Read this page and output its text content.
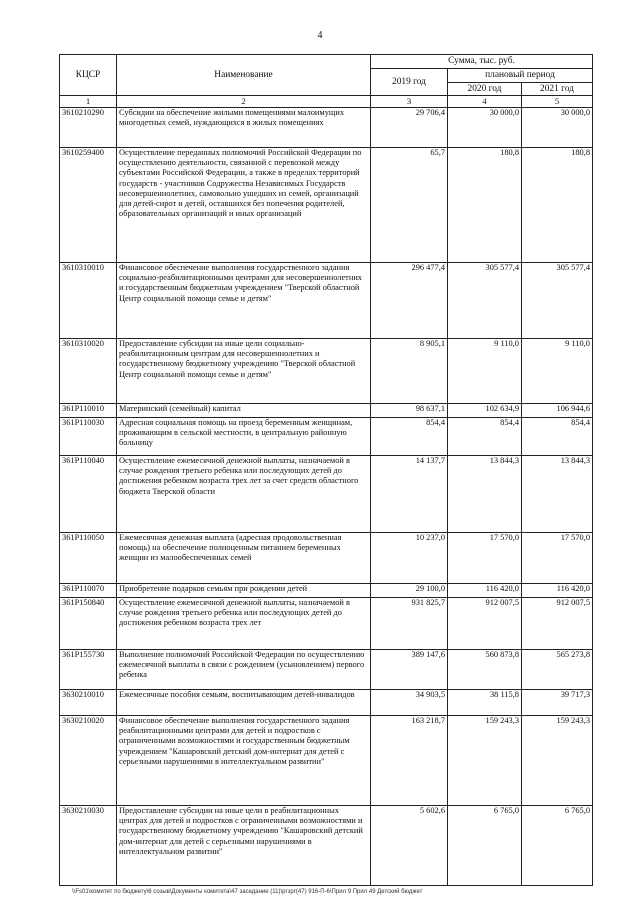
4
КЦСР	Наименование	Сумма, тыс. руб.		
		2019 год	плановый период	
			2020 год	2021 год
1	2	3	4	5
3610210290	Субсидии на обеспечение жилыми помещениями малоимущих многодетных семей, нуждающихся в жилых помещениях	29 706,4	30 000,0	30 000,0
3610259400	Осуществление переданных полномочий Российской Федерации по осуществлению деятельности, связанной с перевозкой между субъектами Российской Федерации, а также в пределах территорий государств - участников Содружества Независимых Государств несовершеннолетних, самовольно ушедших из семей, организаций для детей-сирот и детей, оставшихся без попечения родителей, образовательных организаций и иных организаций	65,7	180,8	180,8
3610310010	Финансовое обеспечение выполнения государственного задания социально-реабилитационными центрами для несовершеннолетних и государственным бюджетным учреждением "Тверской областной Центр социальной помощи семье и детям"	296 477,4	305 577,4	305 577,4
3610310020	Предоставление субсидии на иные цели социально-реабилитационным центрам для несовершеннолетних и государственному бюджетному учреждению "Тверской областной Центр социальной помощи семье и детям"	8 905,1	9 110,0	9 110,0
361P110010	Материнский (семейный) капитал	98 637,1	102 634,9	106 944,6
361P110030	Адресная социальная помощь на проезд беременным женщинам, проживающим в сельской местности, в центральную районную больницу	854,4	854,4	854,4
361P110040	Осуществление ежемесячной денежной выплаты, назначаемой в случае рождения третьего ребенка или последующих детей до достижения ребенком возраста трех лет за счет средств областного бюджета Тверской области	14 137,7	13 844,3	13 844,3
361P110050	Ежемесячная денежная выплата (адресная продовольственная помощь) на обеспечение полноценным питанием беременных женщин из малообеспеченных семей	10 237,0	17 570,0	17 570,0
361P110070	Приобретение подарков семьям при рождении детей	29 100,0	116 420,0	116 420,0
361P150840	Осуществление ежемесячной денежной выплаты, назначаемой в случае рождения третьего ребенка или последующих детей до достижения ребенком возраста трех лет	931 825,7	912 007,5	912 007,5
361P155730	Выполнение полномочий Российской Федерации по осуществлению ежемесячной выплаты в связи с рождением (усыновлением) первого ребенка	389 147,6	560 873,8	565 273,8
3630210010	Ежемесячные пособия семьям, воспитывающим детей-инвалидов	34 903,5	38 115,8	39 717,3
3630210020	Финансовое обеспечение выполнения государственного задания реабилитационными центрами для детей и подростков с ограниченными возможностями и государственным бюджетным учреждением "Кашаровский детский дом-интернат для детей с серьезными нарушениями в интеллектуальном развитии"	163 218,7	159 243,3	159 243,3
3630210030	Предоставление субсидии на иные цели в реабилитационных центрах для детей и подростков с ограниченными возможностями и государственному бюджетному учреждению "Кашаровский детский дом-интернат для детей с серьезными нарушениями в интеллектуальном развитии"	5 602,6	6 765,0	6 765,0
\\Fs01\комитет по бюджету\6 созыв\Документы комитета\47 заседание (11)\ргзрг(47) 916-П-6\Прил 9 Прил 49 Детский бюджет
